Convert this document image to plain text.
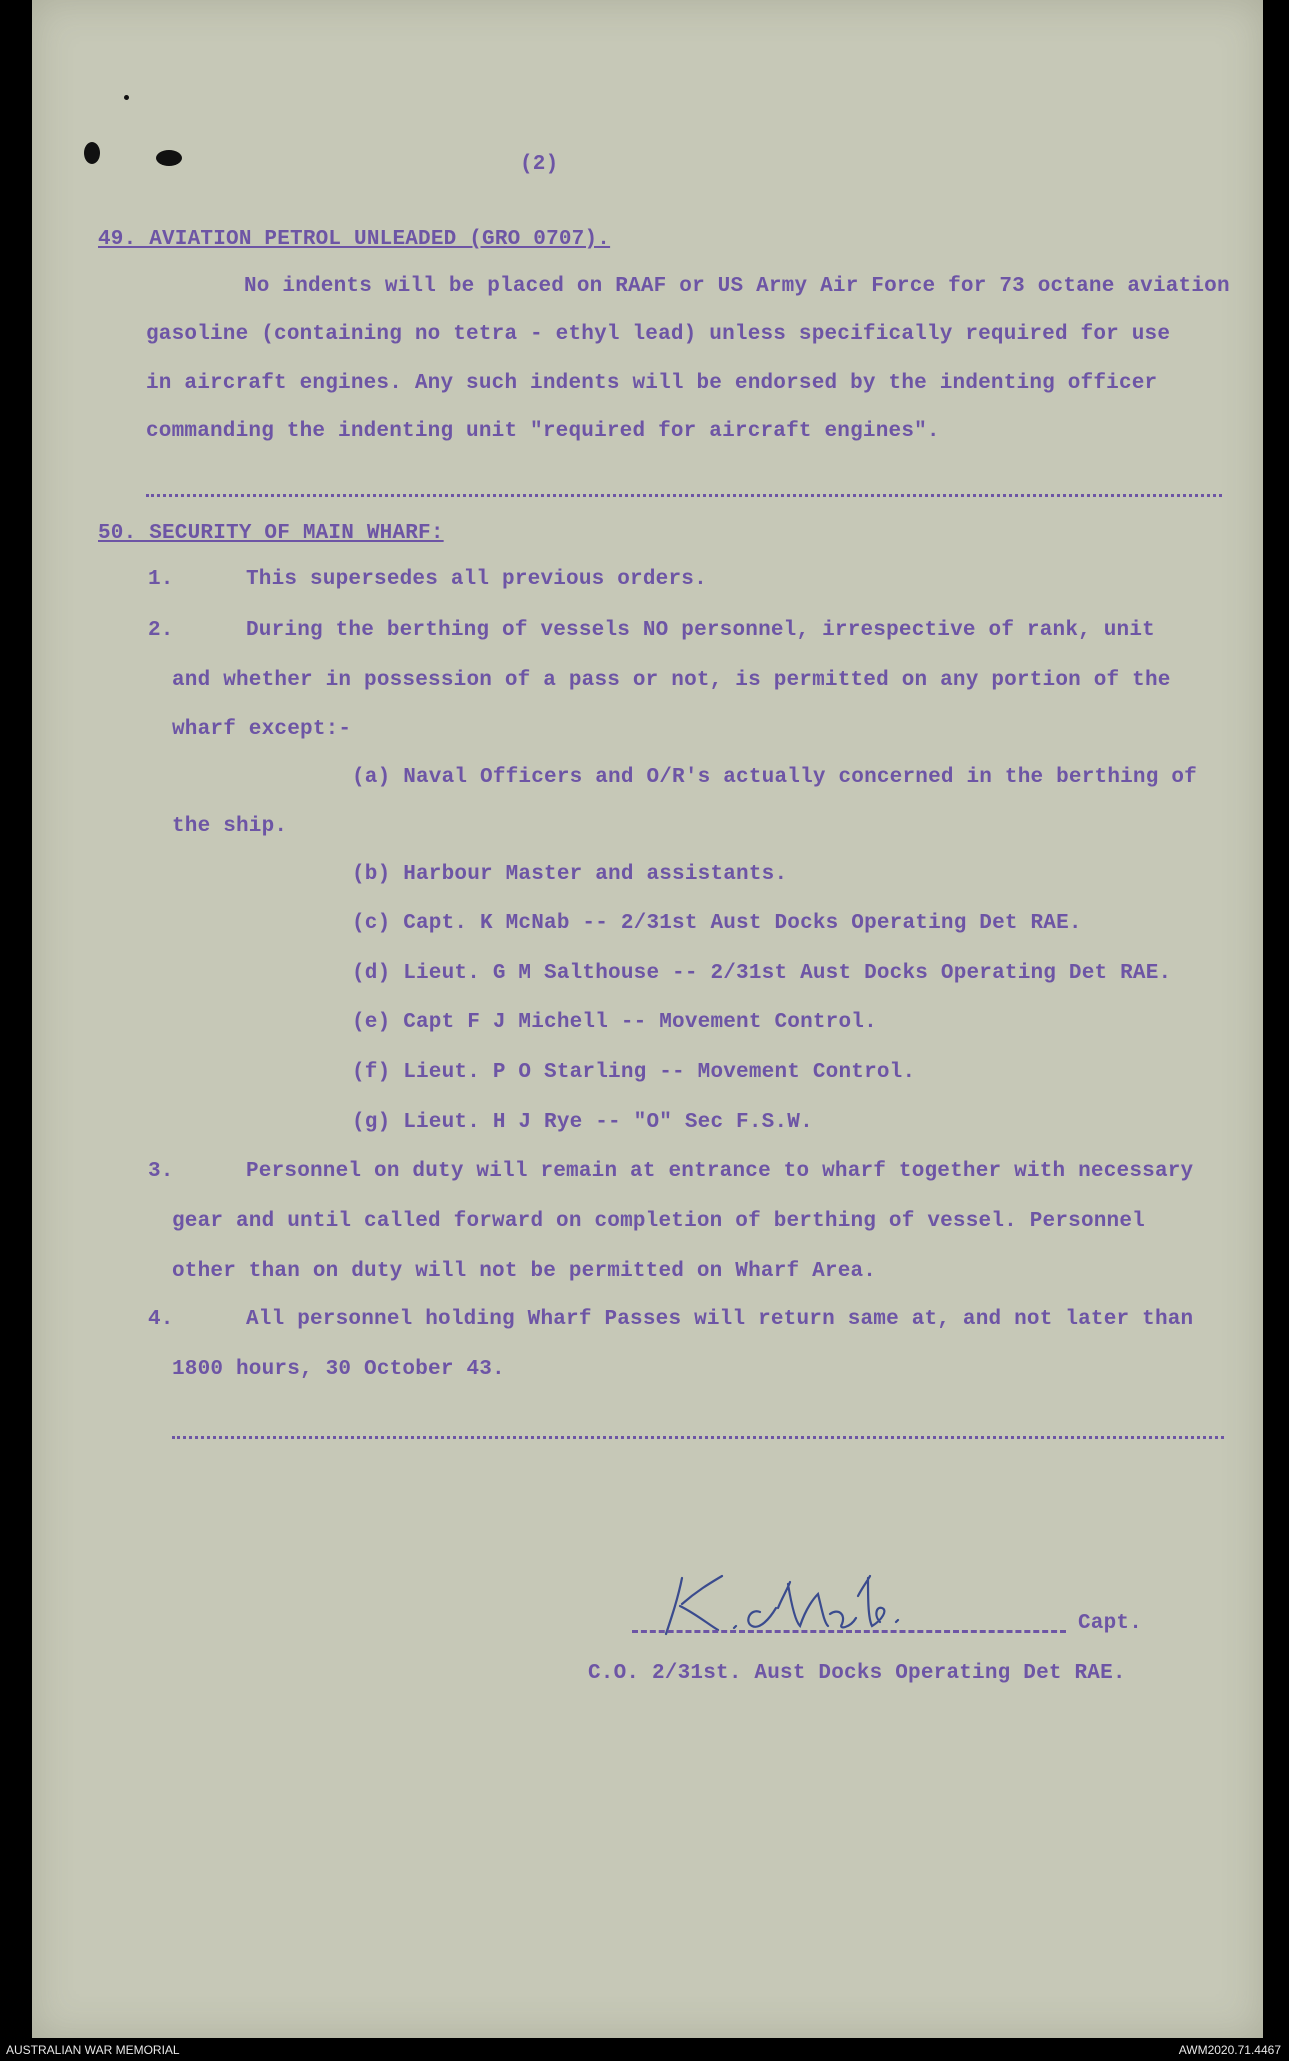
(2)
49. AVIATION PETROL UNLEADED (GRO 0707).
No indents will be placed on RAAF or US Army Air Force for 73 octane aviation
gasoline (containing no tetra - ethyl lead) unless specifically required for use
in aircraft engines. Any such indents will be endorsed by the indenting officer
commanding the indenting unit "required for aircraft engines".
50. SECURITY OF MAIN WHARF:
1.	This supersedes all previous orders.
2.	During the berthing of vessels NO personnel, irrespective of rank, unit
and whether in possession of a pass or not, is permitted on any portion of the
wharf except:-
(a) Naval Officers and O/R's actually concerned in the berthing of
the ship.
(b) Harbour Master and assistants.
(c) Capt. K McNab -- 2/31st Aust Docks Operating Det RAE.
(d) Lieut. G M Salthouse -- 2/31st Aust Docks Operating Det RAE.
(e) Capt F J Michell -- Movement Control.
(f) Lieut. P O Starling -- Movement Control.
(g) Lieut. H J Rye -- "O" Sec F.S.W.
3.	Personnel on duty will remain at entrance to wharf together with necessary
gear and until called forward on completion of berthing of vessel. Personnel
other than on duty will not be permitted on Wharf Area.
4.	All personnel holding Wharf Passes will return same at, and not later than
1800 hours, 30 October 43.
Capt.
C.O. 2/31st. Aust Docks Operating Det RAE.
AUSTRALIAN WAR MEMORIAL	AWM2020.71.4467
